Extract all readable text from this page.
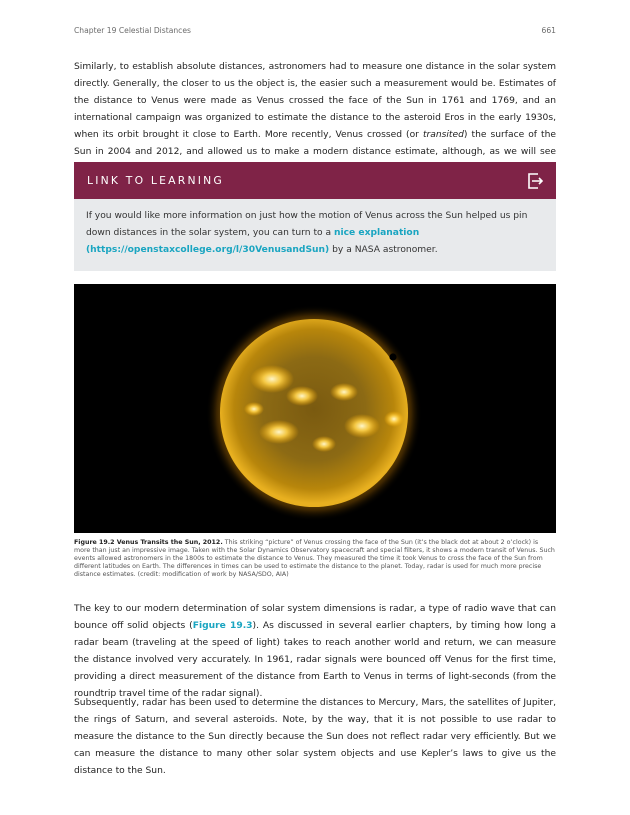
Chapter 19 Celestial Distances	661

Similarly, to establish absolute distances, astronomers had to measure one distance in the solar system directly. Generally, the closer to us the object is, the easier such a measurement would be. Estimates of the distance to Venus were made as Venus crossed the face of the Sun in 1761 and 1769, and an international campaign was organized to estimate the distance to the asteroid Eros in the early 1930s, when its orbit brought it close to Earth. More recently, Venus crossed (or transited) the surface of the Sun in 2004 and 2012, and allowed us to make a modern distance estimate, although, as we will see

LINK TO LEARNING

If you would like more information on just how the motion of Venus across the Sun helped us pin down distances in the solar system, you can turn to a nice explanation (https://openstaxcollege.org/l/30VenusandSun) by a NASA astronomer.

Figure 19.2 Venus Transits the Sun, 2012. This striking “picture” of Venus crossing the face of the Sun (it’s the black dot at about 2 o’clock) is more than just an impressive image. Taken with the Solar Dynamics Observatory spacecraft and special filters, it shows a modern transit of Venus. Such events allowed astronomers in the 1800s to estimate the distance to Venus. They measured the time it took Venus to cross the face of the Sun from different latitudes on Earth. The differences in times can be used to estimate the distance to the planet. Today, radar is used for much more precise distance estimates. (credit: modification of work by NASA/SDO, AIA)

The key to our modern determination of solar system dimensions is radar, a type of radio wave that can bounce off solid objects (Figure 19.3). As discussed in several earlier chapters, by timing how long a radar beam (traveling at the speed of light) takes to reach another world and return, we can measure the distance involved very accurately. In 1961, radar signals were bounced off Venus for the first time, providing a direct measurement of the distance from Earth to Venus in terms of light-seconds (from the roundtrip travel time of the radar signal).

Subsequently, radar has been used to determine the distances to Mercury, Mars, the satellites of Jupiter, the rings of Saturn, and several asteroids. Note, by the way, that it is not possible to use radar to measure the distance to the Sun directly because the Sun does not reflect radar very efficiently. But we can measure the distance to many other solar system objects and use Kepler’s laws to give us the distance to the Sun.
